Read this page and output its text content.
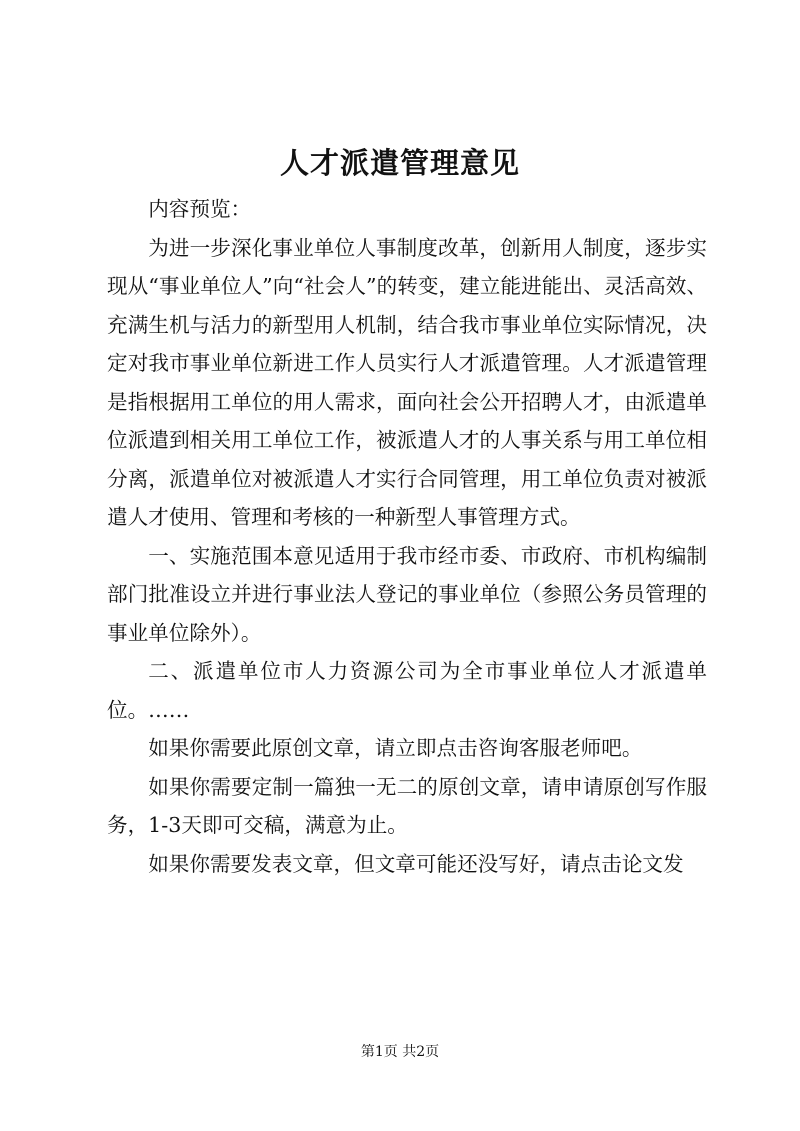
人才派遣管理意见

内容预览：

为进一步深化事业单位人事制度改革，创新用人制度，逐步实现从“事业单位人”向“社会人”的转变，建立能进能出、灵活高效、充满生机与活力的新型用人机制，结合我市事业单位实际情况，决定对我市事业单位新进工作人员实行人才派遣管理。人才派遣管理是指根据用工单位的用人需求，面向社会公开招聘人才，由派遣单位派遣到相关用工单位工作，被派遣人才的人事关系与用工单位相分离，派遣单位对被派遣人才实行合同管理，用工单位负责对被派遣人才使用、管理和考核的一种新型人事管理方式。

一、实施范围本意见适用于我市经市委、市政府、市机构编制部门批准设立并进行事业法人登记的事业单位（参照公务员管理的事业单位除外）。

二、派遣单位市人力资源公司为全市事业单位人才派遣单位。……

如果你需要此原创文章，请立即点击咨询客服老师吧。

如果你需要定制一篇独一无二的原创文章，请申请原创写作服务，1-3天即可交稿，满意为止。

如果你需要发表文章，但文章可能还没写好，请点击论文发

第1页 共2页
